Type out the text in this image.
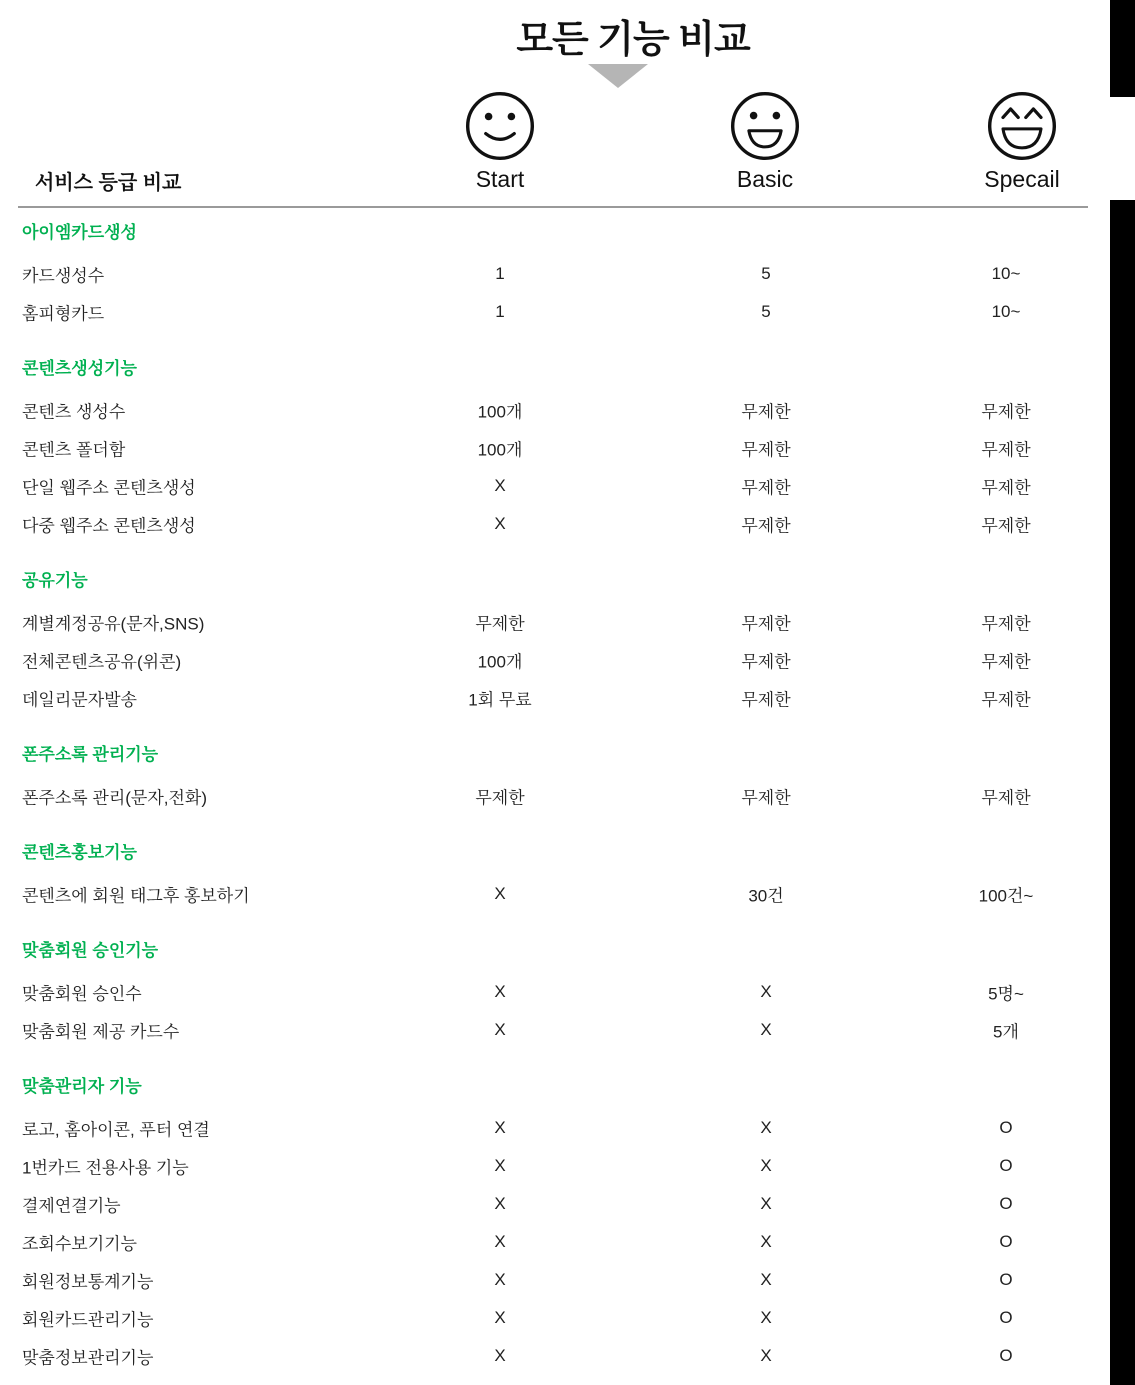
모든 기능 비교
서비스 등급 비교	Start	Basic	Specail
아이엠카드생성
카드생성수	1	5	10~
홈피형카드	1	5	10~
콘텐츠생성기능
콘텐츠 생성수	100개	무제한	무제한
콘텐츠 폴더함	100개	무제한	무제한
단일 웹주소 콘텐츠생성	X	무제한	무제한
다중 웹주소 콘텐츠생성	X	무제한	무제한
공유기능
계별계정공유(문자,SNS)	무제한	무제한	무제한
전체콘텐츠공유(위콘)	100개	무제한	무제한
데일리문자발송	1회 무료	무제한	무제한
폰주소록 관리기능
폰주소록 관리(문자,전화)	무제한	무제한	무제한
콘텐츠홍보기능
콘텐츠에 회원 태그후 홍보하기	X	30건	100건~
맞춤회원 승인기능
맞춤회원 승인수	X	X	5명~
맞춤회원 제공 카드수	X	X	5개
맞춤관리자 기능
로고, 홈아이콘, 푸터 연결	X	X	O
1번카드 전용사용 기능	X	X	O
결제연결기능	X	X	O
조회수보기기능	X	X	O
회원정보통계기능	X	X	O
회원카드관리기능	X	X	O
맞춤정보관리기능	X	X	O
